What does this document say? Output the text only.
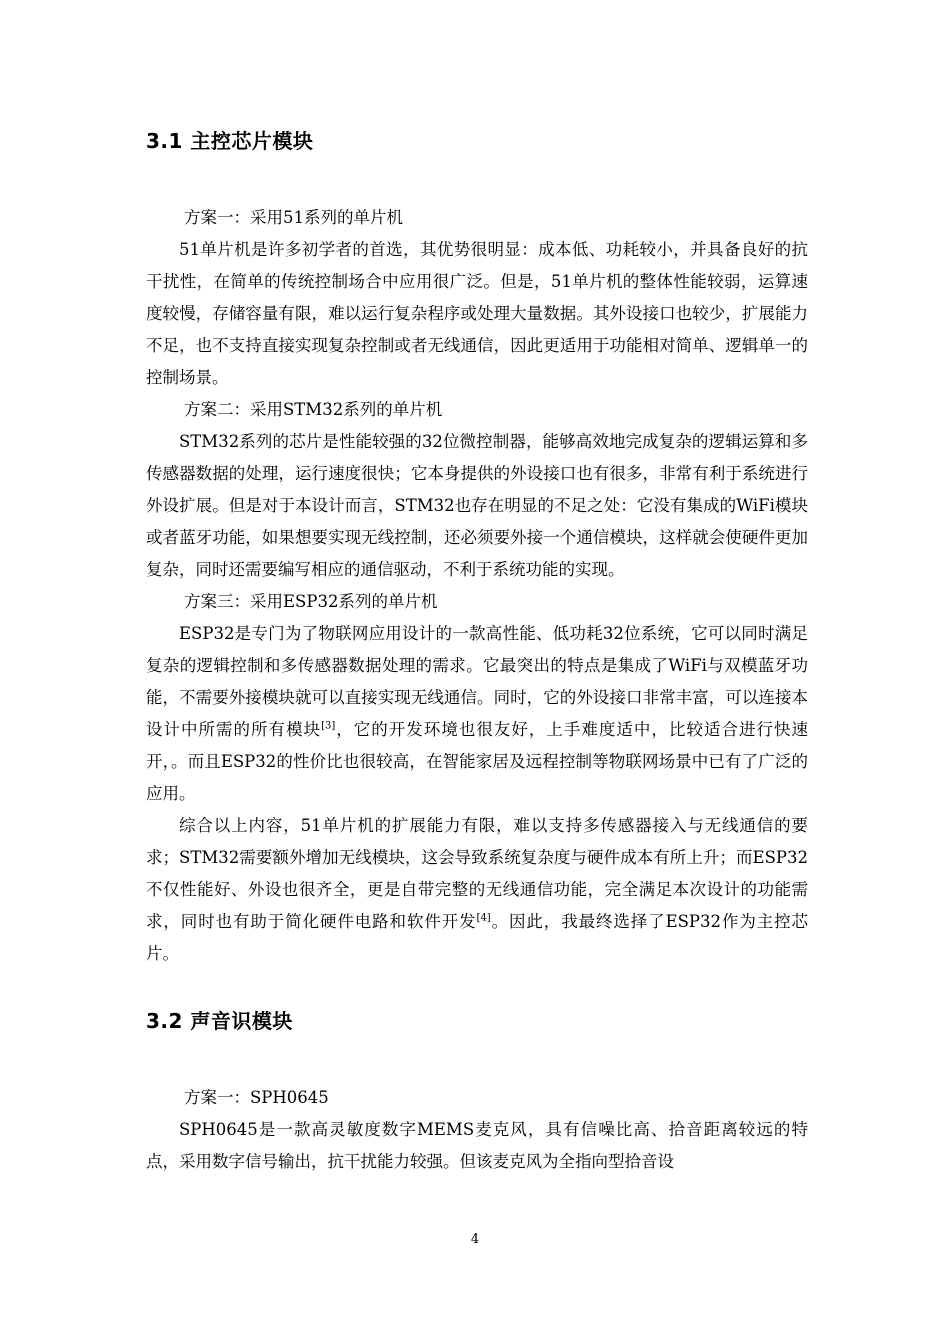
3.1 主控芯片模块

方案一：采用51系列的单片机

51单片机是许多初学者的首选，其优势很明显：成本低、功耗较小，并具备良好的抗干扰性，在简单的传统控制场合中应用很广泛。但是，51单片机的整体性能较弱，运算速度较慢，存储容量有限，难以运行复杂程序或处理大量数据。其外设接口也较少，扩展能力不足，也不支持直接实现复杂控制或者无线通信，因此更适用于功能相对简单、逻辑单一的控制场景。

方案二：采用STM32系列的单片机

STM32系列的芯片是性能较强的32位微控制器，能够高效地完成复杂的逻辑运算和多传感器数据的处理，运行速度很快；它本身提供的外设接口也有很多，非常有利于系统进行外设扩展。但是对于本设计而言，STM32也存在明显的不足之处：它没有集成的WiFi模块或者蓝牙功能，如果想要实现无线控制，还必须要外接一个通信模块，这样就会使硬件更加复杂，同时还需要编写相应的通信驱动，不利于系统功能的实现。

方案三：采用ESP32系列的单片机

ESP32是专门为了物联网应用设计的一款高性能、低功耗32位系统，它可以同时满足复杂的逻辑控制和多传感器数据处理的需求。它最突出的特点是集成了WiFi与双模蓝牙功能，不需要外接模块就可以直接实现无线通信。同时，它的外设接口非常丰富，可以连接本设计中所需的所有模块[3]，它的开发环境也很友好，上手难度适中，比较适合进行快速开，。而且ESP32的性价比也很较高，在智能家居及远程控制等物联网场景中已有了广泛的应用。

综合以上内容，51单片机的扩展能力有限，难以支持多传感器接入与无线通信的要求；STM32需要额外增加无线模块，这会导致系统复杂度与硬件成本有所上升；而ESP32不仅性能好、外设也很齐全，更是自带完整的无线通信功能，完全满足本次设计的功能需求，同时也有助于简化硬件电路和软件开发[4]。因此，我最终选择了ESP32作为主控芯片。

3.2 声音识模块

方案一：SPH0645

SPH0645是一款高灵敏度数字MEMS麦克风，具有信噪比高、拾音距离较远的特点，采用数字信号输出，抗干扰能力较强。但该麦克风为全指向型拾音设

4
